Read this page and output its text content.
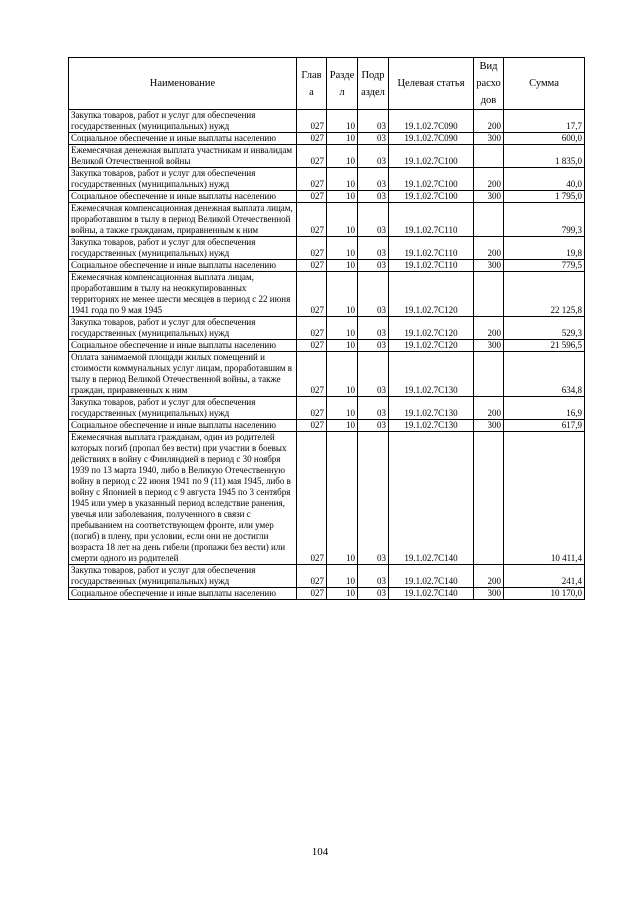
Наименование	Глав а	Разде л	Подр аздел	Целевая статья	Вид расхо дов	Сумма
Закупка товаров, работ и услуг для обеспечения государственных (муниципальных) нужд	027	10	03	19.1.02.7С090	200	17,7
Социальное обеспечение и иные выплаты населению	027	10	03	19.1.02.7С090	300	600,0
Ежемесячная денежная выплата участникам и инвалидам Великой Отечественной войны	027	10	03	19.1.02.7С100		1 835,0
Закупка товаров, работ и услуг для обеспечения государственных (муниципальных) нужд	027	10	03	19.1.02.7С100	200	40,0
Социальное обеспечение и иные выплаты населению	027	10	03	19.1.02.7С100	300	1 795,0
Ежемесячная компенсационная денежная выплата лицам, проработавшим в тылу в период Великой Отечественной войны, а также гражданам, приравненным к ним	027	10	03	19.1.02.7С110		799,3
Закупка товаров, работ и услуг для обеспечения государственных (муниципальных) нужд	027	10	03	19.1.02.7С110	200	19,8
Социальное обеспечение и иные выплаты населению	027	10	03	19.1.02.7С110	300	779,5
Ежемесячная компенсационная выплата лицам, проработавшим в тылу на неоккупированных территориях не менее шести месяцев в период с 22 июня 1941 года по 9 мая 1945	027	10	03	19.1.02.7С120		22 125,8
Закупка товаров, работ и услуг для обеспечения государственных (муниципальных) нужд	027	10	03	19.1.02.7С120	200	529,3
Социальное обеспечение и иные выплаты населению	027	10	03	19.1.02.7С120	300	21 596,5
Оплата занимаемой площади жилых помещений и стоимости коммунальных услуг лицам, проработавшим в тылу в период Великой Отечественной войны, а также граждан, приравненных к ним	027	10	03	19.1.02.7С130		634,8
Закупка товаров, работ и услуг для обеспечения государственных (муниципальных) нужд	027	10	03	19.1.02.7С130	200	16,9
Социальное обеспечение и иные выплаты населению	027	10	03	19.1.02.7С130	300	617,9
Ежемесячная выплата гражданам, один из родителей которых погиб (пропал без вести) при участии в боевых действиях в войну с Финляндией в период с 30 ноября 1939 по 13 марта 1940, либо в Великую Отечественную войну в период с 22 июня 1941 по 9 (11) мая 1945, либо в войну с Японией в период с 9 августа 1945 по 3 сентября 1945 или умер в указанный период вследствие ранения, увечья или заболевания, полученного в связи с пребыванием на соответствующем фронте, или умер (погиб) в плену, при условии, если они не достигли возраста 18 лет на день гибели (пропажи без вести) или смерти одного из родителей	027	10	03	19.1.02.7С140		10 411,4
Закупка товаров, работ и услуг для обеспечения государственных (муниципальных) нужд	027	10	03	19.1.02.7С140	200	241,4
Социальное обеспечение и иные выплаты населению	027	10	03	19.1.02.7С140	300	10 170,0
104
